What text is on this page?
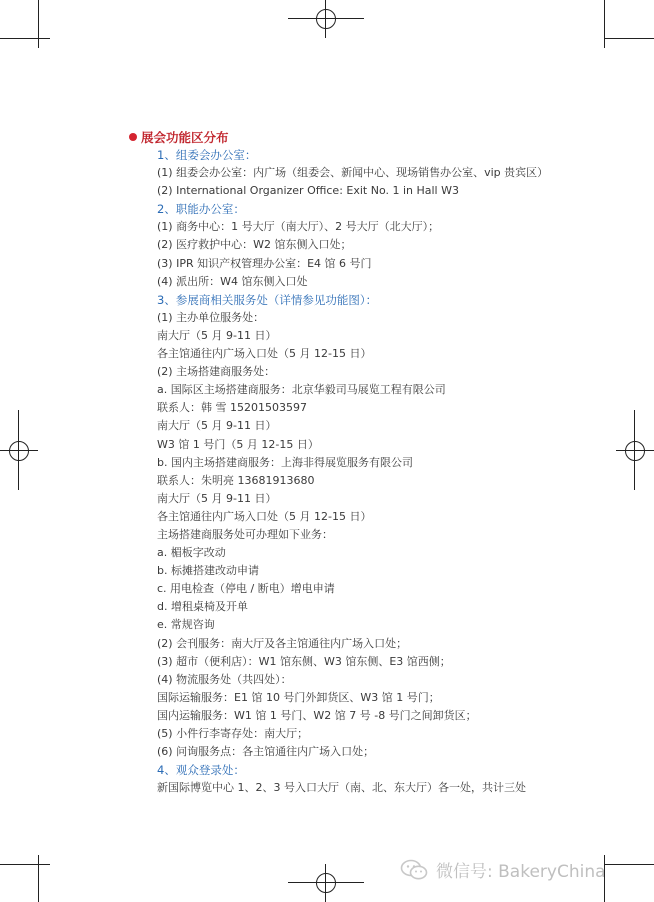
展会功能区分布
1、组委会办公室：
(1) 组委会办公室：内广场（组委会、新闻中心、现场销售办公室、vip 贵宾区）
(2) International Organizer Office: Exit No. 1 in Hall W3
2、职能办公室：
(1) 商务中心：1 号大厅（南大厅）、2 号大厅（北大厅）；
(2) 医疗救护中心：W2 馆东侧入口处；
(3) IPR 知识产权管理办公室：E4 馆 6 号门
(4) 派出所：W4 馆东侧入口处
3、参展商相关服务处（详情参见功能图）：
(1) 主办单位服务处：
南大厅（5 月 9-11 日）
各主馆通往内广场入口处（5 月 12-15 日）
(2) 主场搭建商服务处：
a. 国际区主场搭建商服务：北京华毅司马展览工程有限公司
联系人：韩 雪 15201503597
南大厅（5 月 9-11 日）
W3 馆 1 号门（5 月 12-15 日）
b. 国内主场搭建商服务：上海非得展览服务有限公司
联系人：朱明亮 13681913680
南大厅（5 月 9-11 日）
各主馆通往内广场入口处（5 月 12-15 日）
主场搭建商服务处可办理如下业务：
a. 楣板字改动
b. 标摊搭建改动申请
c. 用电检查（停电 / 断电）增电申请
d. 增租桌椅及开单
e. 常规咨询
(2) 会刊服务：南大厅及各主馆通往内广场入口处；
(3) 超市（便利店）：W1 馆东侧、W3 馆东侧、E3 馆西侧；
(4) 物流服务处（共四处）：
国际运输服务：E1 馆 10 号门外卸货区、W3 馆 1 号门；
国内运输服务：W1 馆 1 号门、W2 馆 7 号 -8 号门之间卸货区；
(5) 小件行李寄存处：南大厅；
(6) 问询服务点：各主馆通往内广场入口处；
4、观众登录处：
新国际博览中心 1、2、3 号入口大厅（南、北、东大厅）各一处，共计三处
微信号: BakeryChina
